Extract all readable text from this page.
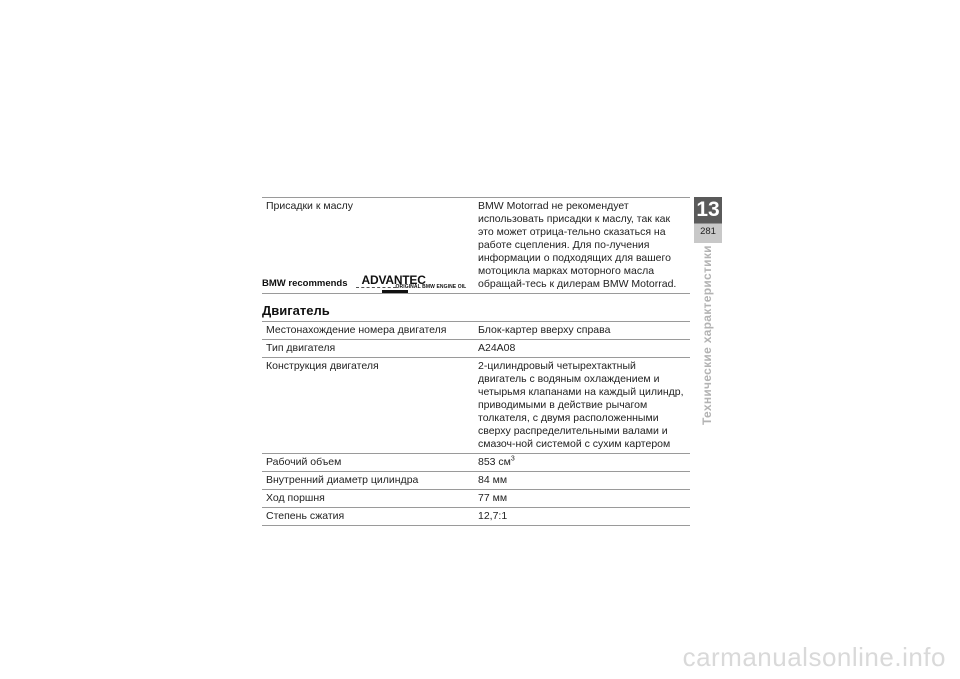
Присадки к маслу	BMW Motorrad не рекомендует использовать присадки к маслу, так как это может отрица-тельно сказаться на работе сцепления. Для по-лучения информации о подходящих для вашего мотоцикла марках моторного масла обращай-тесь к дилерам BMW Motorrad.
BMW recommends ADVANTEC
ORIGINAL BMW ENGINE OIL
Двигатель
Местонахождение номера двигателя	Блок-картер вверху справа
Тип двигателя	A24A08
Конструкция двигателя	2-цилиндровый четырехтактный двигатель с водяным охлаждением и четырьмя клапанами на каждый цилиндр, приводимыми в действие рычагом толкателя, с двумя расположенными сверху распределительными валами и смазоч-ной системой с сухим картером
Рабочий объем	853 $см^3$
Внутренний диаметр цилиндра	84 мм
Ход поршня	77 мм
Степень сжатия	12,7:1
13
281
Технические характеристики
carmanualsonline.info
